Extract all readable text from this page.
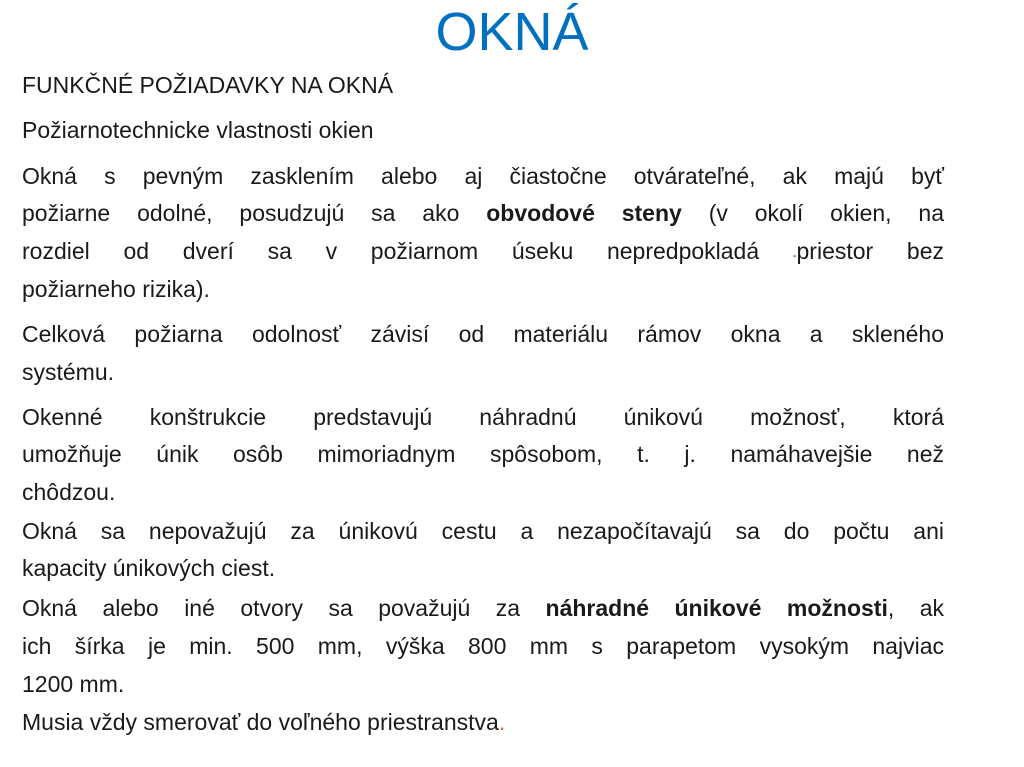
OKNÁ
FUNKČNÉ POŽIADAVKY NA OKNÁ
Požiarnotechnicke vlastnosti okien
Okná s pevným zasklením alebo aj čiastočne otvárateľné, ak majú byť
požiarne odolné, posudzujú sa ako obvodové steny (v okolí okien, na
rozdiel od dverí sa v požiarnom úseku nepredpokladá -priestor bez
požiarneho rizika).
Celková požiarna odolnosť závisí od materiálu rámov okna a skleného
systému.
Okenné konštrukcie predstavujú náhradnú únikovú možnosť, ktorá
umožňuje únik osôb mimoriadnym spôsobom, t. j. namáhavejšie než
chôdzou.
Okná sa nepovažujú za únikovú cestu a nezapočítavajú sa do počtu ani
kapacity únikových ciest.
Okná alebo iné otvory sa považujú za náhradné únikové možnosti, ak
ich šírka je min. 500 mm, výška 800 mm s parapetom vysokým najviac
1200 mm.
Musia vždy smerovať do voľného priestranstva.
